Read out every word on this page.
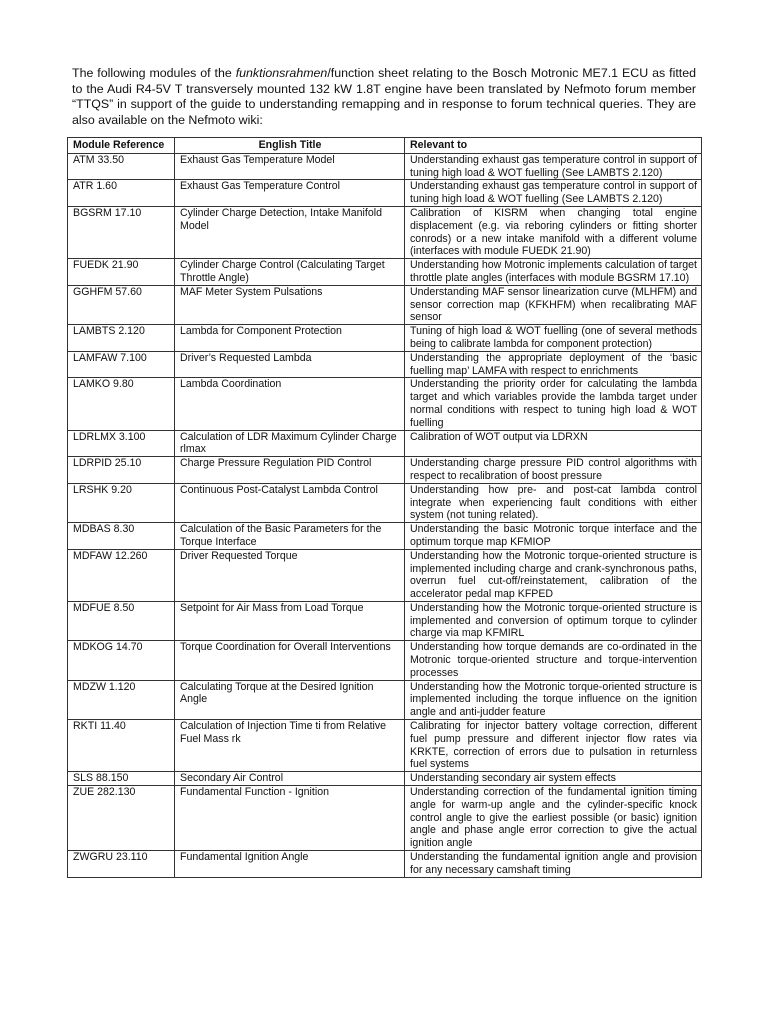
The following modules of the funktionsrahmen/function sheet relating to the Bosch Motronic ME7.1 ECU as fitted to the Audi R4-5V T transversely mounted 132 kW 1.8T engine have been translated by Nefmoto forum member “TTQS” in support of the guide to understanding remapping and in response to forum technical queries. They are also available on the Nefmoto wiki:

Module Reference	English Title	Relevant to
ATM 33.50	Exhaust Gas Temperature Model	Understanding exhaust gas temperature control in support of tuning high load & WOT fuelling (See LAMBTS 2.120)
ATR 1.60	Exhaust Gas Temperature Control	Understanding exhaust gas temperature control in support of tuning high load & WOT fuelling (See LAMBTS 2.120)
BGSRM 17.10	Cylinder Charge Detection, Intake Manifold Model	Calibration of KISRM when changing total engine displacement (e.g. via reboring cylinders or fitting shorter conrods) or a new intake manifold with a different volume (interfaces with module FUEDK 21.90)
FUEDK 21.90	Cylinder Charge Control (Calculating Target Throttle Angle)	Understanding how Motronic implements calculation of target throttle plate angles (interfaces with module BGSRM 17.10)
GGHFM 57.60	MAF Meter System Pulsations	Understanding MAF sensor linearization curve (MLHFM) and sensor correction map (KFKHFM) when recalibrating MAF sensor
LAMBTS 2.120	Lambda for Component Protection	Tuning of high load & WOT fuelling (one of several methods being to calibrate lambda for component protection)
LAMFAW 7.100	Driver’s Requested Lambda	Understanding the appropriate deployment of the ‘basic fuelling map’ LAMFA with respect to enrichments
LAMKO 9.80	Lambda Coordination	Understanding the priority order for calculating the lambda target and which variables provide the lambda target under normal conditions with respect to tuning high load & WOT fuelling
LDRLMX 3.100	Calculation of LDR Maximum Cylinder Charge rlmax	Calibration of WOT output via LDRXN
LDRPID 25.10	Charge Pressure Regulation PID Control	Understanding charge pressure PID control algorithms with respect to recalibration of boost pressure
LRSHK 9.20	Continuous Post-Catalyst Lambda Control	Understanding how pre- and post-cat lambda control integrate when experiencing fault conditions with either system (not tuning related).
MDBAS 8.30	Calculation of the Basic Parameters for the Torque Interface	Understanding the basic Motronic torque interface and the optimum torque map KFMIOP
MDFAW 12.260	Driver Requested Torque	Understanding how the Motronic torque-oriented structure is implemented including charge and crank-synchronous paths, overrun fuel cut-off/reinstatement, calibration of the accelerator pedal map KFPED
MDFUE 8.50	Setpoint for Air Mass from Load Torque	Understanding how the Motronic torque-oriented structure is implemented and conversion of optimum torque to cylinder charge via map KFMIRL
MDKOG 14.70	Torque Coordination for Overall Interventions	Understanding how torque demands are co-ordinated in the Motronic torque-oriented structure and torque-intervention processes
MDZW 1.120	Calculating Torque at the Desired Ignition Angle	Understanding how the Motronic torque-oriented structure is implemented including the torque influence on the ignition angle and anti-judder feature
RKTI 11.40	Calculation of Injection Time ti from Relative Fuel Mass rk	Calibrating for injector battery voltage correction, different fuel pump pressure and different injector flow rates via KRKTE, correction of errors due to pulsation in returnless fuel systems
SLS 88.150	Secondary Air Control	Understanding secondary air system effects
ZUE 282.130	Fundamental Function - Ignition	Understanding correction of the fundamental ignition timing angle for warm-up angle and the cylinder-specific knock control angle to give the earliest possible (or basic) ignition angle and phase angle error correction to give the actual ignition angle
ZWGRU 23.110	Fundamental Ignition Angle	Understanding the fundamental ignition angle and provision for any necessary camshaft timing
